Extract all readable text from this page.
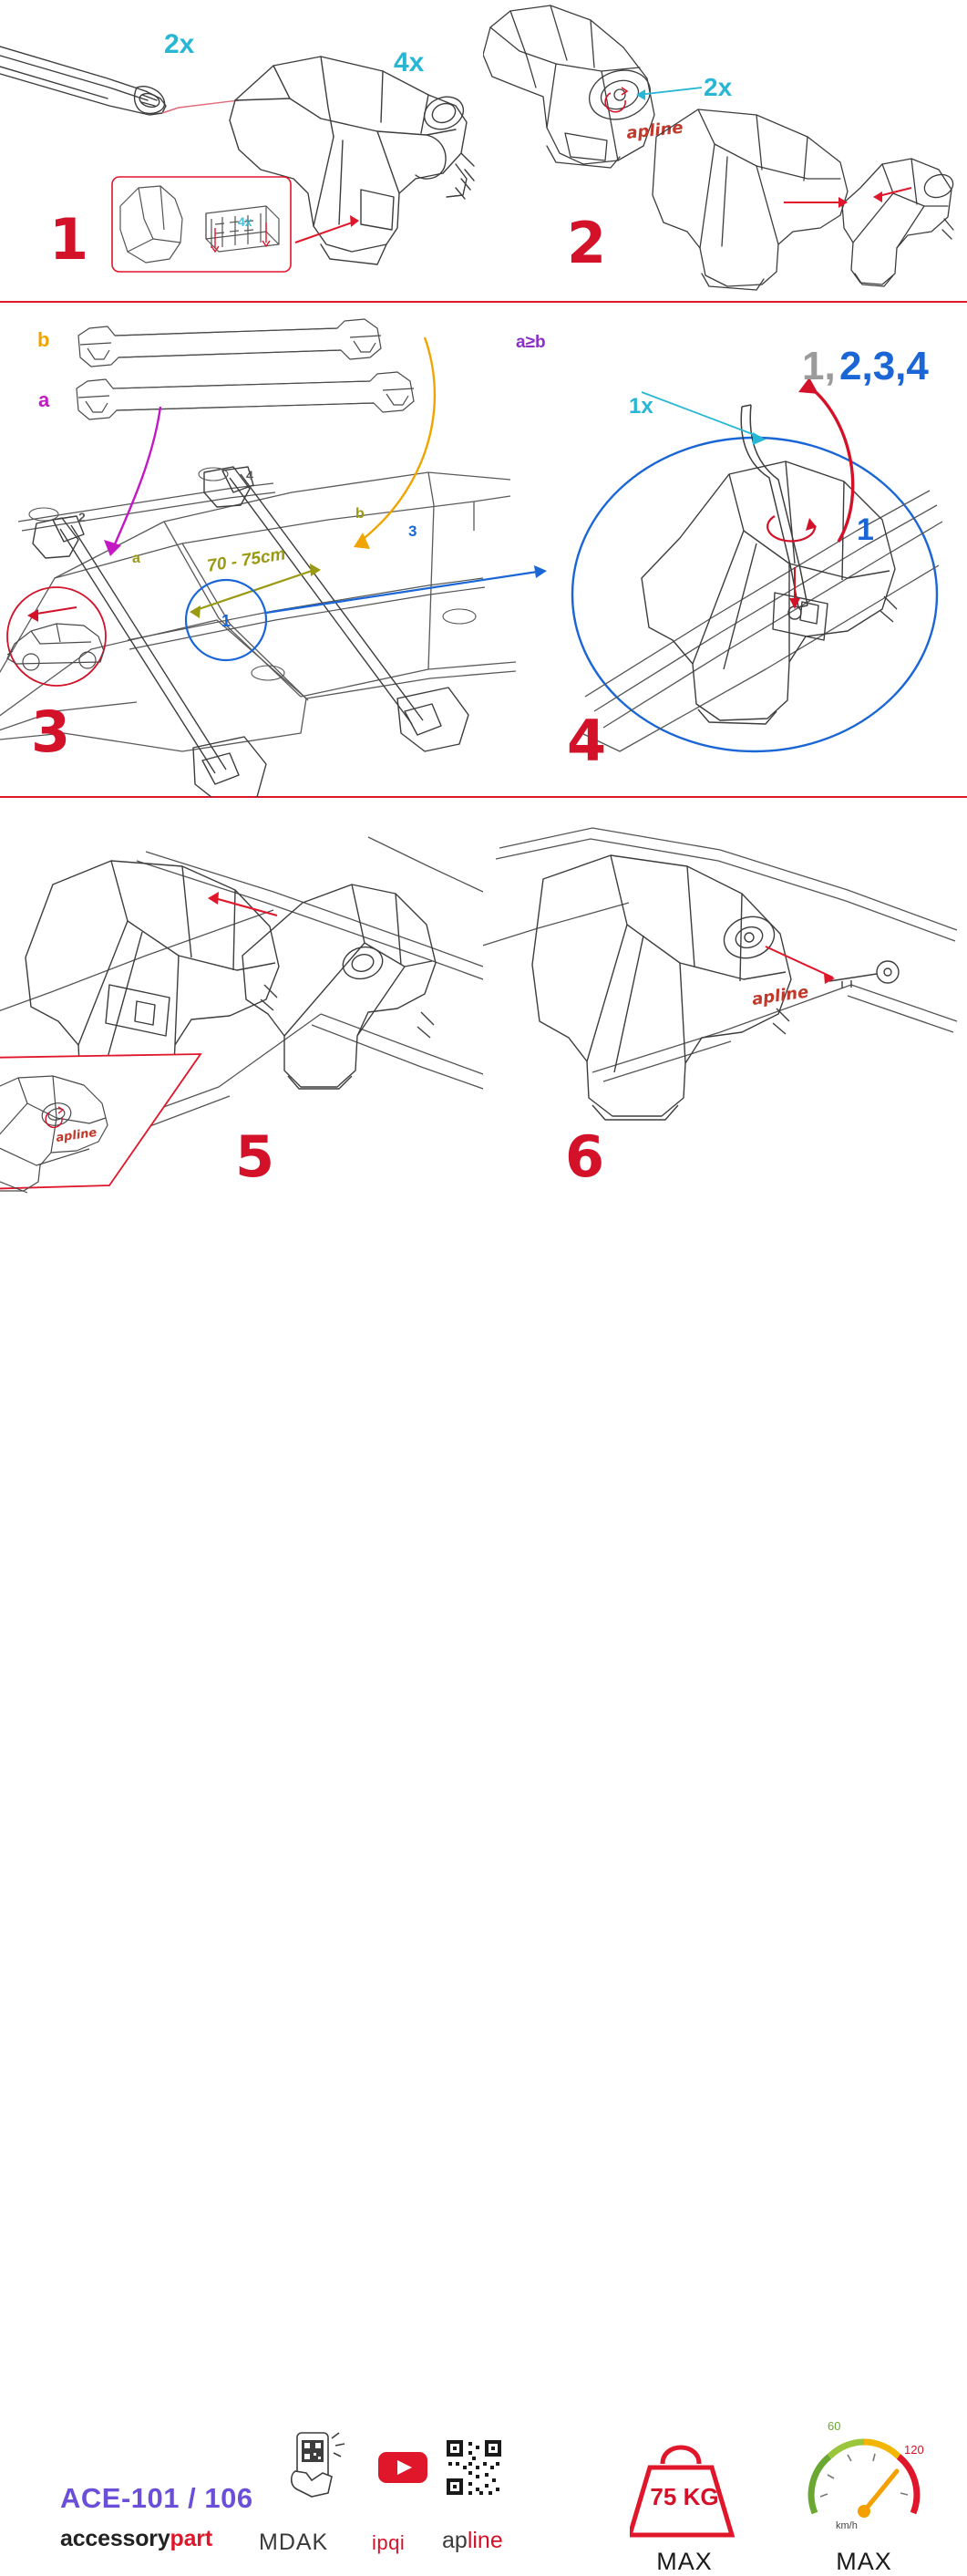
2x
4x
4x
1
apline
2x
2
b
a
a≥b
70 - 75cm
1
2
3
4
a
b
3
1x
1
1, 2,3,4
4
apline 5
apline
6
ACE-101 / 106
accessorypart MDAK ipqi apline
75 KG
MAX
60
120
km/h
MAX
